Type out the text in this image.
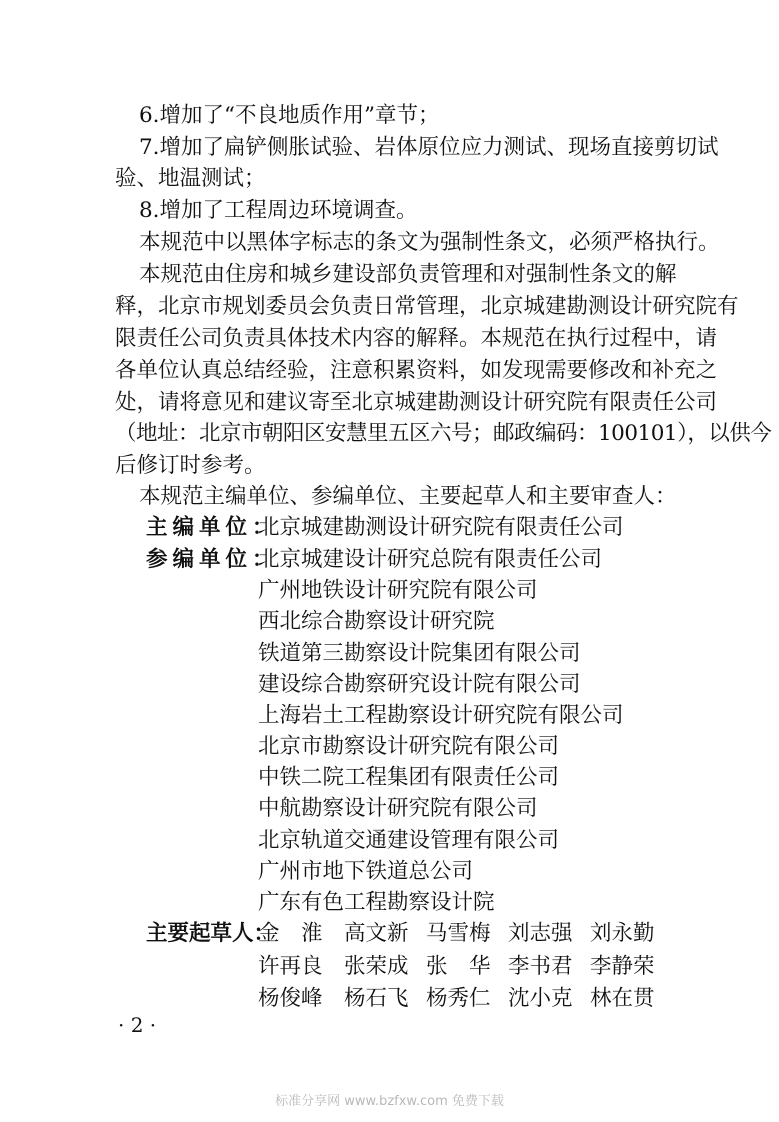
6.增加了“不良地质作用”章节；

7.增加了扁铲侧胀试验、岩体原位应力测试、现场直接剪切试

验、地温测试；

8.增加了工程周边环境调查。

本规范中以黑体字标志的条文为强制性条文，必须严格执行。

本规范由住房和城乡建设部负责管理和对强制性条文的解

释，北京市规划委员会负责日常管理，北京城建勘测设计研究院有

限责任公司负责具体技术内容的解释。本规范在执行过程中，请

各单位认真总结经验，注意积累资料，如发现需要修改和补充之

处，请将意见和建议寄至北京城建勘测设计研究院有限责任公司

（地址：北京市朝阳区安慧里五区六号；邮政编码：100101），以供今

后修订时参考。

本规范主编单位、参编单位、主要起草人和主要审查人：

主编单位：
北京城建勘测设计研究院有限责任公司
参编单位：
北京城建设计研究总院有限责任公司
广州地铁设计研究院有限公司
西北综合勘察设计研究院
铁道第三勘察设计院集团有限公司
建设综合勘察研究设计院有限公司
上海岩土工程勘察设计研究院有限公司
北京市勘察设计研究院有限公司
中铁二院工程集团有限责任公司
中航勘察设计研究院有限公司
北京轨道交通建设管理有限公司
广州市地下铁道总公司
广东有色工程勘察设计院
主要起草人：
金　淮 高文新 马雪梅 刘志强 刘永勤
许再良 张荣成 张　华 李书君 李静荣
杨俊峰 杨石飞 杨秀仁 沈小克 林在贯
· 2 ·
标准分享网 www.bzfxw.com 免费下载
